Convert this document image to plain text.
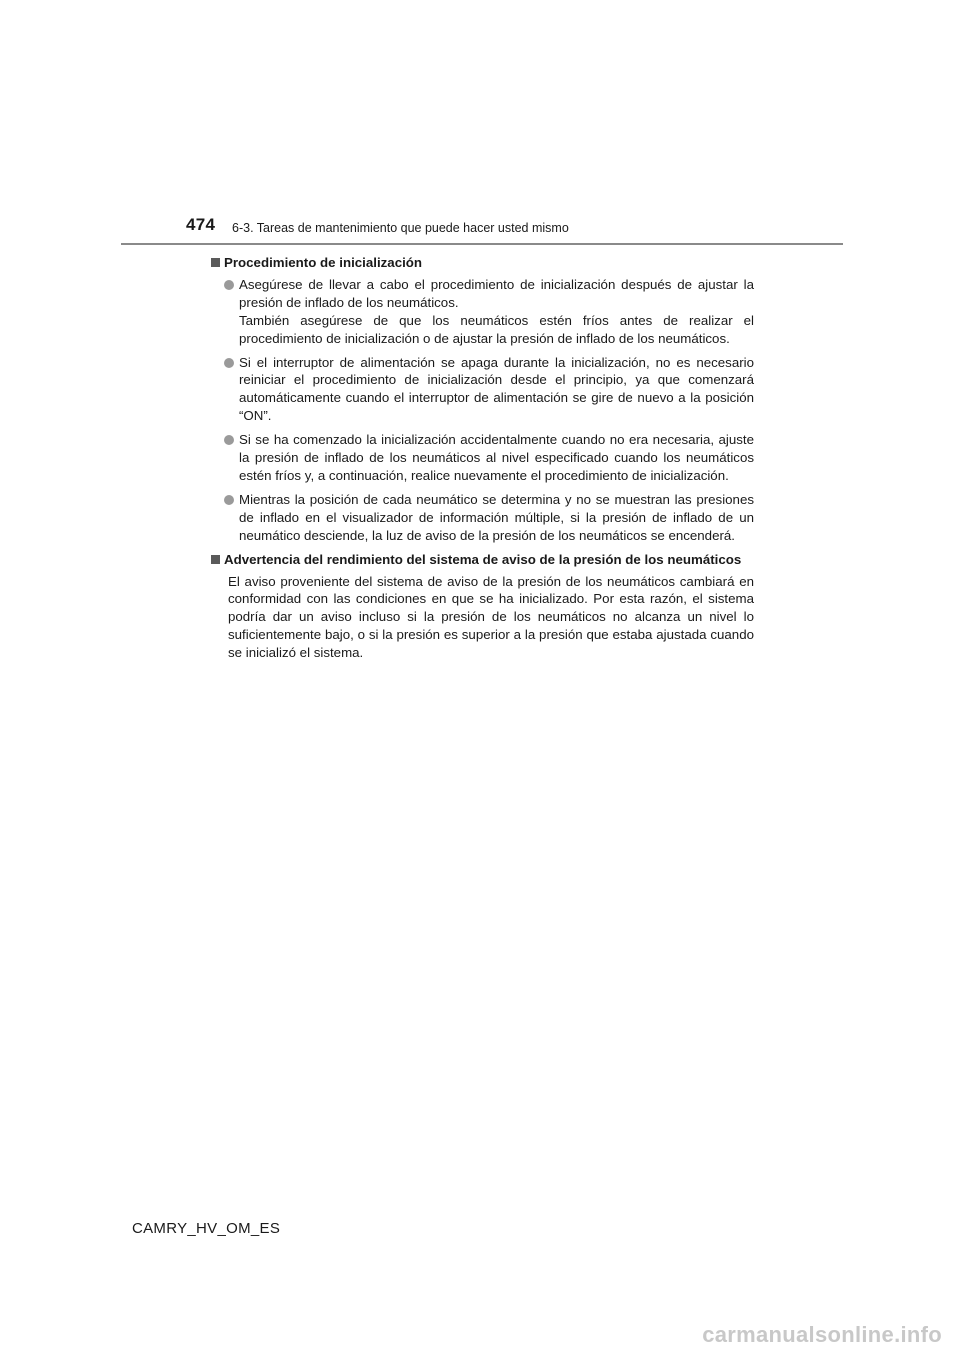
474 6-3. Tareas de mantenimiento que puede hacer usted mismo
Procedimiento de inicialización

Asegúrese de llevar a cabo el procedimiento de inicialización después de ajustar la presión de inflado de los neumáticos.

También asegúrese de que los neumáticos estén fríos antes de realizar el procedimiento de inicialización o de ajustar la presión de inflado de los neumáticos.

Si el interruptor de alimentación se apaga durante la inicialización, no es necesario reiniciar el procedimiento de inicialización desde el principio, ya que comenzará automáticamente cuando el interruptor de alimentación se gire de nuevo a la posición “ON”.

Si se ha comenzado la inicialización accidentalmente cuando no era necesaria, ajuste la presión de inflado de los neumáticos al nivel especificado cuando los neumáticos estén fríos y, a continuación, realice nuevamente el procedimiento de inicialización.

Mientras la posición de cada neumático se determina y no se muestran las presiones de inflado en el visualizador de información múltiple, si la presión de inflado de un neumático desciende, la luz de aviso de la presión de los neumáticos se encenderá.

Advertencia del rendimiento del sistema de aviso de la presión de los neumáticos

El aviso proveniente del sistema de aviso de la presión de los neumáticos cambiará en conformidad con las condiciones en que se ha inicializado. Por esta razón, el sistema podría dar un aviso incluso si la presión de los neumáticos no alcanza un nivel lo suficientemente bajo, o si la presión es superior a la presión que estaba ajustada cuando se inicializó el sistema.

CAMRY_HV_OM_ES
carmanualsonline.info
